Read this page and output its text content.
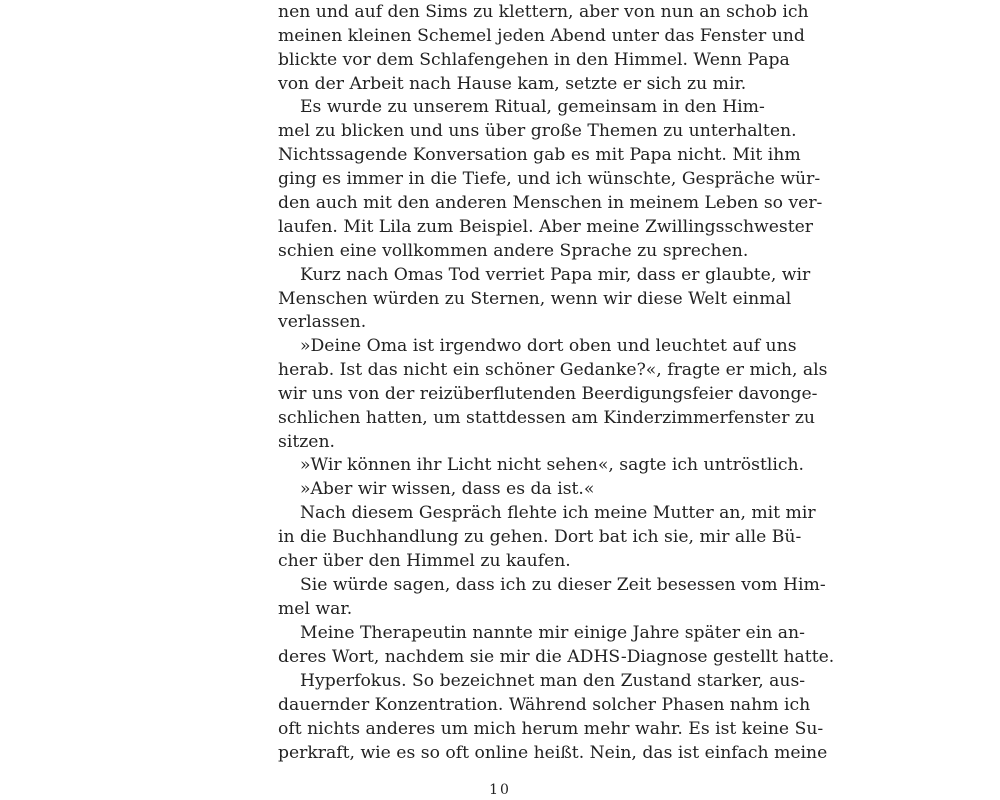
nen und auf den Sims zu klettern, aber von nun an schob ich
meinen kleinen Schemel jeden Abend unter das Fenster und
blickte vor dem Schlafengehen in den Himmel. Wenn Papa
von der Arbeit nach Hause kam, setzte er sich zu mir.
Es wurde zu unserem Ritual, gemeinsam in den Him-
mel zu blicken und uns über große Themen zu unterhalten.
Nichtssagende Konversation gab es mit Papa nicht. Mit ihm
ging es immer in die Tiefe, und ich wünschte, Gespräche wür-
den auch mit den anderen Menschen in meinem Leben so ver-
laufen. Mit Lila zum Beispiel. Aber meine Zwillingsschwester
schien eine vollkommen andere Sprache zu sprechen.
Kurz nach Omas Tod verriet Papa mir, dass er glaubte, wir
Menschen würden zu Sternen, wenn wir diese Welt einmal
verlassen.
»Deine Oma ist irgendwo dort oben und leuchtet auf uns
herab. Ist das nicht ein schöner Gedanke?«, fragte er mich, als
wir uns von der reizüberflutenden Beerdigungsfeier davonge-
schlichen hatten, um stattdessen am Kinderzimmerfenster zu
sitzen.
»Wir können ihr Licht nicht sehen«, sagte ich untröstlich.
»Aber wir wissen, dass es da ist.«
Nach diesem Gespräch flehte ich meine Mutter an, mit mir
in die Buchhandlung zu gehen. Dort bat ich sie, mir alle Bü-
cher über den Himmel zu kaufen.
Sie würde sagen, dass ich zu dieser Zeit besessen vom Him-
mel war.
Meine Therapeutin nannte mir einige Jahre später ein an-
deres Wort, nachdem sie mir die ADHS-Diagnose gestellt hatte.
Hyperfokus. So bezeichnet man den Zustand starker, aus-
dauernder Konzentration. Während solcher Phasen nahm ich
oft nichts anderes um mich herum mehr wahr. Es ist keine Su-
perkraft, wie es so oft online heißt. Nein, das ist einfach meine
10
